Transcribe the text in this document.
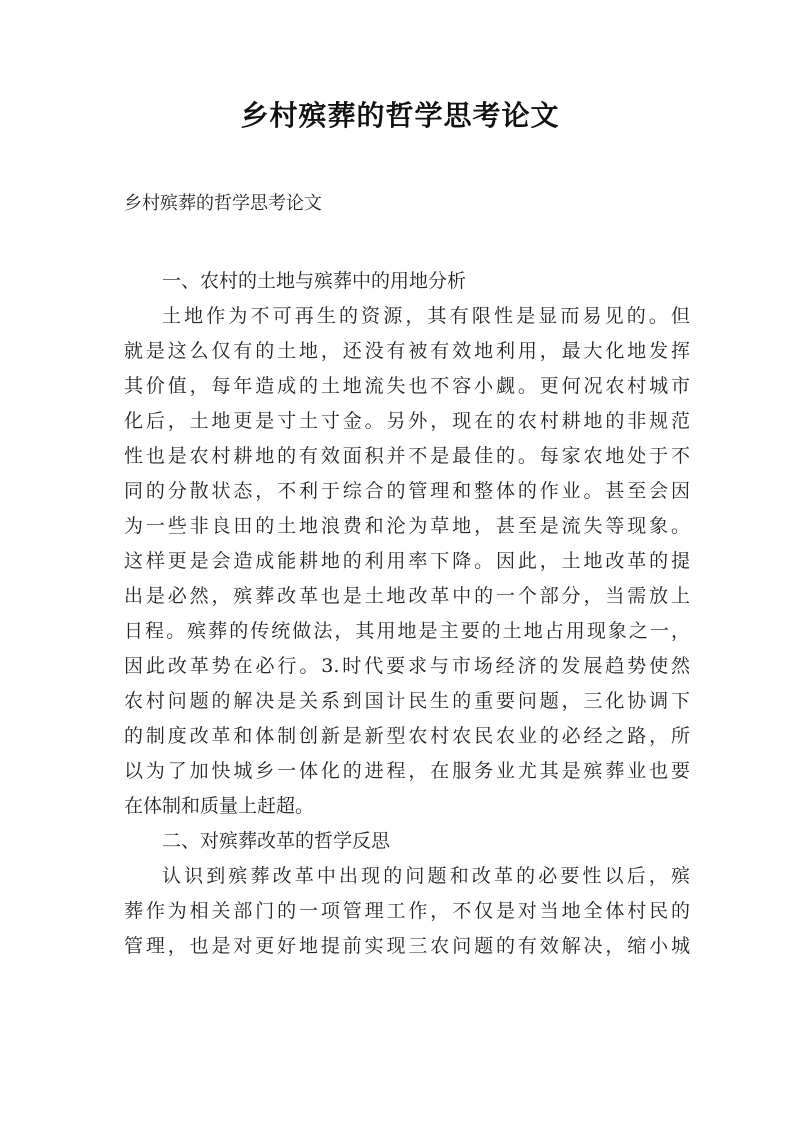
乡村殡葬的哲学思考论文
乡村殡葬的哲学思考论文
一、农村的土地与殡葬中的用地分析
土地作为不可再生的资源，其有限性是显而易见的。但
就是这么仅有的土地，还没有被有效地利用，最大化地发挥
其价值，每年造成的土地流失也不容小觑。更何况农村城市
化后，土地更是寸土寸金。另外，现在的农村耕地的非规范
性也是农村耕地的有效面积并不是最佳的。每家农地处于不
同的分散状态，不利于综合的管理和整体的作业。甚至会因
为一些非良田的土地浪费和沦为草地，甚至是流失等现象。
这样更是会造成能耕地的利用率下降。因此，土地改革的提
出是必然，殡葬改革也是土地改革中的一个部分，当需放上
日程。殡葬的传统做法，其用地是主要的土地占用现象之一，
因此改革势在必行。3.时代要求与市场经济的发展趋势使然
农村问题的解决是关系到国计民生的重要问题，三化协调下
的制度改革和体制创新是新型农村农民农业的必经之路，所
以为了加快城乡一体化的进程，在服务业尤其是殡葬业也要
在体制和质量上赶超。
二、对殡葬改革的哲学反思
认识到殡葬改革中出现的问题和改革的必要性以后，殡
葬作为相关部门的一项管理工作，不仅是对当地全体村民的
管理，也是对更好地提前实现三农问题的有效解决，缩小城
